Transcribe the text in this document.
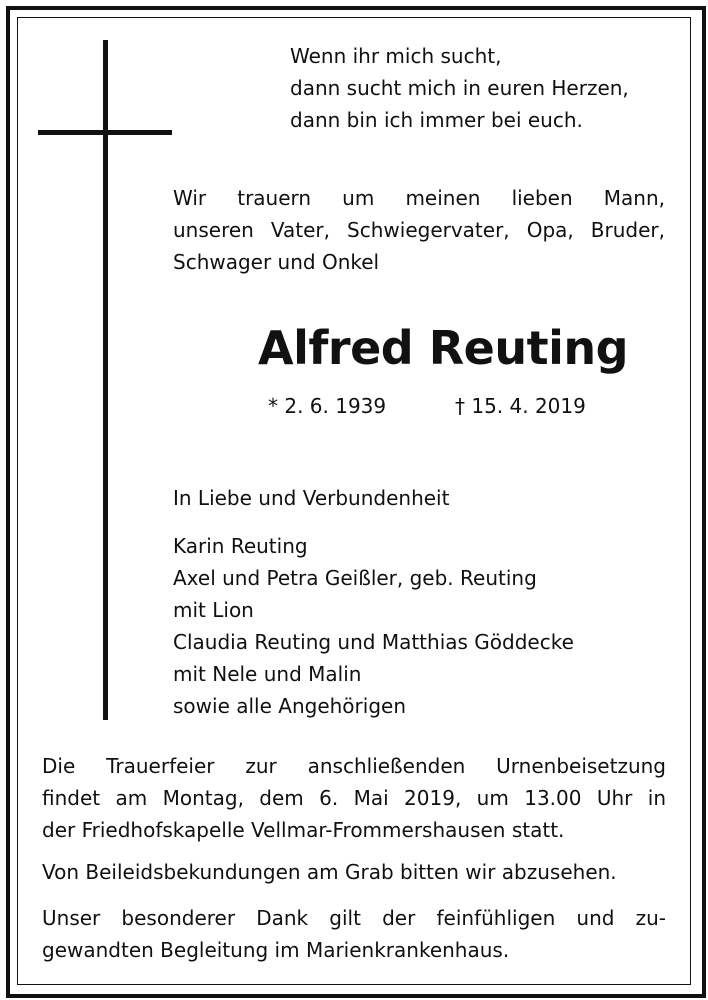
Wenn ihr mich sucht,
dann sucht mich in euren Herzen,
dann bin ich immer bei euch.
Wir trauern um meinen lieben Mann,
unseren Vater, Schwiegervater, Opa, Bruder,
Schwager und Onkel
Alfred Reuting
* 2. 6. 1939	† 15. 4. 2019
In Liebe und Verbundenheit
Karin Reuting
Axel und Petra Geißler, geb. Reuting
mit Lion
Claudia Reuting und Matthias Göddecke
mit Nele und Malin
sowie alle Angehörigen
Die Trauerfeier zur anschließenden Urnenbeisetzung
findet am Montag, dem 6. Mai 2019, um 13.00 Uhr in
der Friedhofskapelle Vellmar-Frommershausen statt.
Von Beileidsbekundungen am Grab bitten wir abzusehen.
Unser besonderer Dank gilt der feinfühligen und zu-
gewandten Begleitung im Marienkrankenhaus.
